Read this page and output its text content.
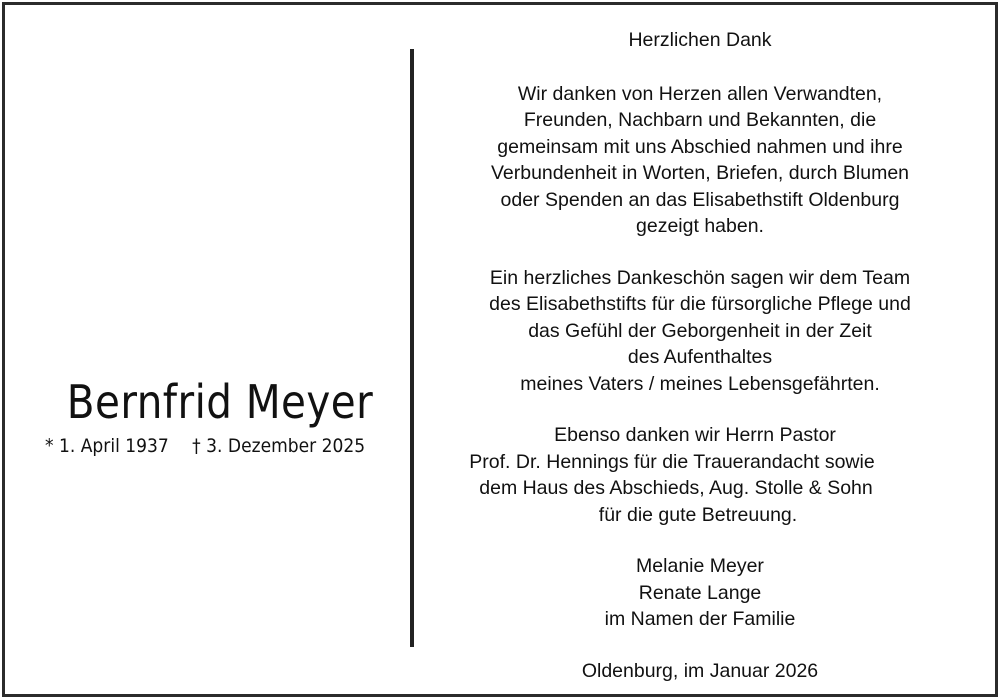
Bernfrid Meyer
* 1. April 1937 † 3. Dezember 2025
Herzlichen Dank
Wir danken von Herzen allen Verwandten,
Freunden, Nachbarn und Bekannten, die
gemeinsam mit uns Abschied nahmen und ihre
Verbundenheit in Worten, Briefen, durch Blumen
oder Spenden an das Elisabethstift Oldenburg
gezeigt haben.
Ein herzliches Dankeschön sagen wir dem Team
des Elisabethstifts für die fürsorgliche Pflege und
das Gefühl der Geborgenheit in der Zeit
des Aufenthaltes
meines Vaters / meines Lebensgefährten.
Ebenso danken wir Herrn Pastor
Prof. Dr. Hennings für die Trauerandacht sowie
dem Haus des Abschieds, Aug. Stolle & Sohn
für die gute Betreuung.
Melanie Meyer
Renate Lange
im Namen der Familie
Oldenburg, im Januar 2026
